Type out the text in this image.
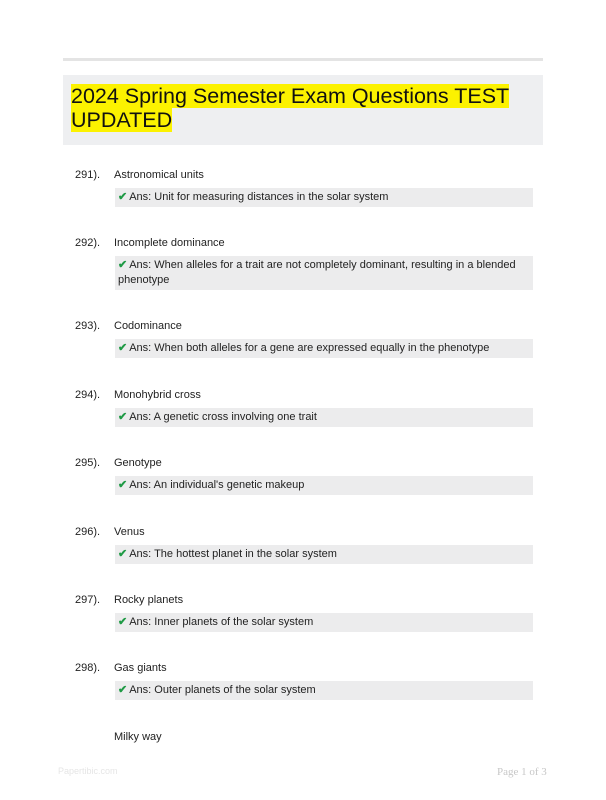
2024 Spring Semester Exam Questions TEST UPDATED
291). Astronomical units
✔ Ans: Unit for measuring distances in the solar system
292). Incomplete dominance
✔ Ans: When alleles for a trait are not completely dominant, resulting in a blended phenotype
293). Codominance
✔ Ans: When both alleles for a gene are expressed equally in the phenotype
294). Monohybrid cross
✔ Ans: A genetic cross involving one trait
295). Genotype
✔ Ans: An individual's genetic makeup
296). Venus
✔ Ans: The hottest planet in the solar system
297). Rocky planets
✔ Ans: Inner planets of the solar system
298). Gas giants
✔ Ans: Outer planets of the solar system
Milky way
Papertibic.com	Page 1 of 3
